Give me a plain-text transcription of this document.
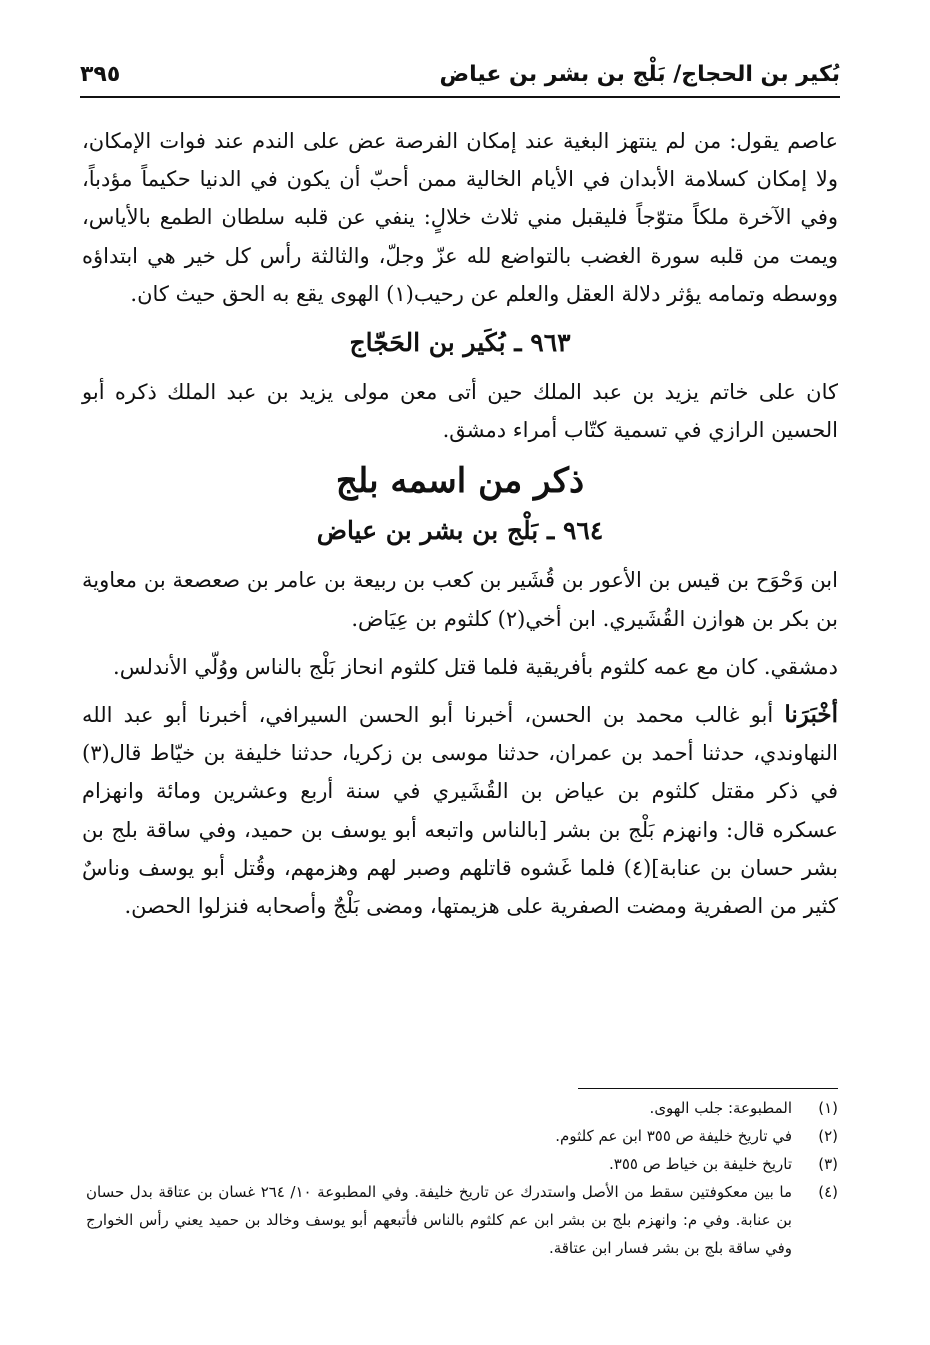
بُكير بن الحجاج/ بَلْج بن بشر بن عياض
٣٩٥

عاصم يقول: من لم ينتهز البغية عند إمكان الفرصة عض على الندم عند فوات الإمكان، ولا إمكان كسلامة الأبدان في الأيام الخالية ممن أحبّ أن يكون في الدنيا حكيماً مؤدباً، وفي الآخرة ملكاً متوّجاً فليقبل مني ثلاث خلالٍ: ينفي عن قلبه سلطان الطمع بالأياس، ويمت من قلبه سورة الغضب بالتواضع لله عزّ وجلّ، والثالثة رأس كل خير هي ابتداؤه ووسطه وتمامه يؤثر دلالة العقل والعلم عن رحيب(١) الهوى يقع به الحق حيث كان.

٩٦٣ ـ بُكَير بن الحَجّاج

كان على خاتم يزيد بن عبد الملك حين أتى معن مولى يزيد بن عبد الملك ذكره أبو الحسين الرازي في تسمية كتّاب أمراء دمشق.

ذكر من اسمه بلج
٩٦٤ ـ بَلْج بن بشر بن عياض

ابن وَحْوَح بن قيس بن الأعور بن قُشَير بن كعب بن ربيعة بن عامر بن صعصعة بن معاوية بن بكر بن هوازن القُشَيري. ابن أخي(٢) كلثوم بن عِيَاض.

دمشقي. كان مع عمه كلثوم بأفريقية فلما قتل كلثوم انحاز بَلْج بالناس ووُلّي الأندلس.

أخْبَرَنا أبو غالب محمد بن الحسن، أخبرنا أبو الحسن السيرافي، أخبرنا أبو عبد الله النهاوندي، حدثنا أحمد بن عمران، حدثنا موسى بن زكريا، حدثنا خليفة بن خيّاط قال(٣) في ذكر مقتل كلثوم بن عياض بن القُشَيري في سنة أربع وعشرين ومائة وانهزام عسكره قال: وانهزم بَلْج بن بشر [بالناس واتبعه أبو يوسف بن حميد، وفي ساقة بلج بن بشر حسان بن عنابة](٤) فلما غَشوه قاتلهم وصبر لهم وهزمهم، وقُتل أبو يوسف وناسٌ كثير من الصفرية ومضت الصفرية على هزيمتها، ومضى بَلْجٌ وأصحابه فنزلوا الحصن.

(١)
المطبوعة: جلب الهوى.
(٢)
في تاريخ خليفة ص ٣٥٥ ابن عم كلثوم.
(٣)
تاريخ خليفة بن خياط ص ٣٥٥.
(٤)
ما بين معكوفتين سقط من الأصل واستدرك عن تاريخ خليفة. وفي المطبوعة ١٠/ ٢٦٤ غسان بن عتاقة بدل حسان بن عنابة. وفي م: وانهزم بلج بن بشر ابن عم كلثوم بالناس فأتبعهم أبو يوسف وخالد بن حميد يعني رأس الخوارج وفي ساقة بلج بن بشر فسار ابن عتاقة.
